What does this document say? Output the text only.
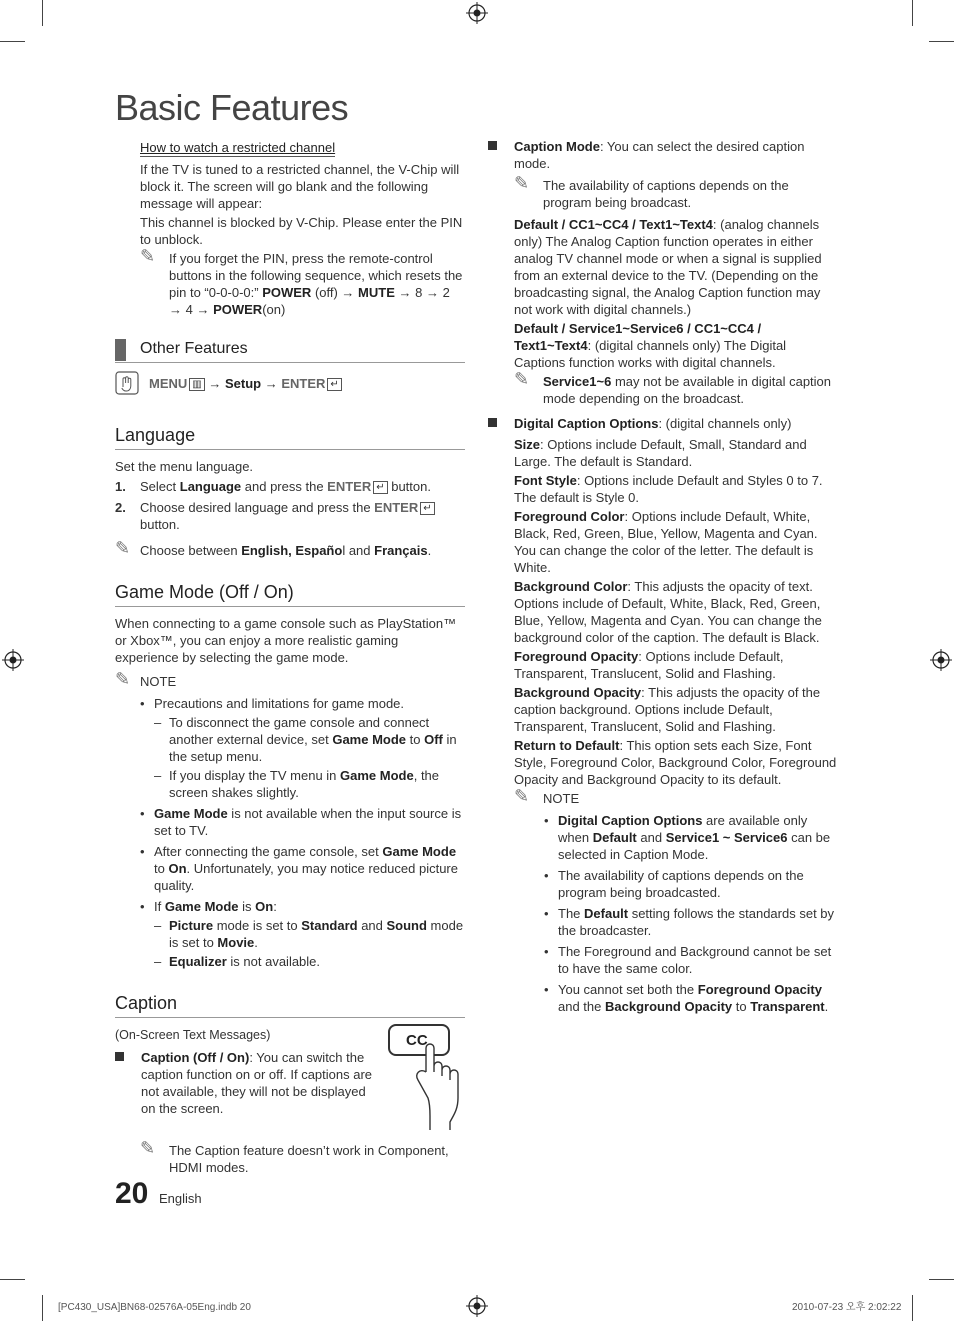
Basic Features

How to watch a restricted channel

If the TV is tuned to a restricted channel, the V-Chip will block it. The screen will go blank and the following message will appear:

This channel is blocked by V-Chip. Please enter the PIN to unblock.

✎ If you forget the PIN, press the remote-control buttons in the following sequence, which resets the pin to “0-0-0-0:” POWER (off) → MUTE → 8 → 2 → 4 → POWER(on)
Other Features
MENU ▥ → Setup → ENTER ↵
Language

Set the menu language.

1. Select Language and press the ENTER ↵ button.
2. Choose desired language and press the ENTER ↵
button.
✎ Choose between English, Español and Français.
Game Mode (Off / On)

When connecting to a game console such as PlayStation™ or Xbox™, you can enjoy a more realistic gaming experience by selecting the game mode.

✎ NOTE
• Precautions and limitations for game mode.
– To disconnect the game console and connect another external device, set Game Mode to Off in the setup menu.
– If you display the TV menu in Game Mode, the screen shakes slightly.
• Game Mode is not available when the input source is set to TV.
• After connecting the game console, set Game Mode to On. Unfortunately, you may notice reduced picture quality.
• If Game Mode is On:
– Picture mode is set to Standard and Sound mode is set to Movie.
– Equalizer is not available.
Caption

(On-Screen Text Messages)

Caption (Off / On): You can switch the caption function on or off. If captions are not available, they will not be displayed on the screen.
✎ The Caption feature doesn’t work in Component, HDMI modes.
CC
Caption Mode: You can select the desired caption mode.
✎ The availability of captions depends on the program being broadcast.

Default / CC1~CC4 / Text1~Text4: (analog channels only) The Analog Caption function operates in either analog TV channel mode or when a signal is supplied from an external device to the TV. (Depending on the broadcasting signal, the Analog Caption function may not work with digital channels.)

Default / Service1~Service6 / CC1~CC4 / Text1~Text4: (digital channels only) The Digital Captions function works with digital channels.

✎ Service1~6 may not be available in digital caption mode depending on the broadcast.
Digital Caption Options: (digital channels only)

Size: Options include Default, Small, Standard and Large. The default is Standard.

Font Style: Options include Default and Styles 0 to 7. The default is Style 0.

Foreground Color: Options include Default, White, Black, Red, Green, Blue, Yellow, Magenta and Cyan. You can change the color of the letter. The default is White.

Background Color: This adjusts the opacity of text. Options include of Default, White, Black, Red, Green, Blue, Yellow, Magenta and Cyan. You can change the background color of the caption. The default is Black.

Foreground Opacity: Options include Default, Transparent, Translucent, Solid and Flashing.

Background Opacity: This adjusts the opacity of the caption background. Options include Default, Transparent, Translucent, Solid and Flashing.

Return to Default: This option sets each Size, Font Style, Foreground Color, Background Color, Foreground Opacity and Background Opacity to its default.

✎ NOTE
• Digital Caption Options are available only when Default and Service1 ~ Service6 can be selected in Caption Mode.
• The availability of captions depends on the program being broadcasted.
• The Default setting follows the standards set by the broadcaster.
• The Foreground and Background cannot be set to have the same color.
• You cannot set both the Foreground Opacity and the Background Opacity to Transparent.
20 English
[PC430_USA]BN68-02576A-05Eng.indb 20	2010-07-23 오후 2:02:22
